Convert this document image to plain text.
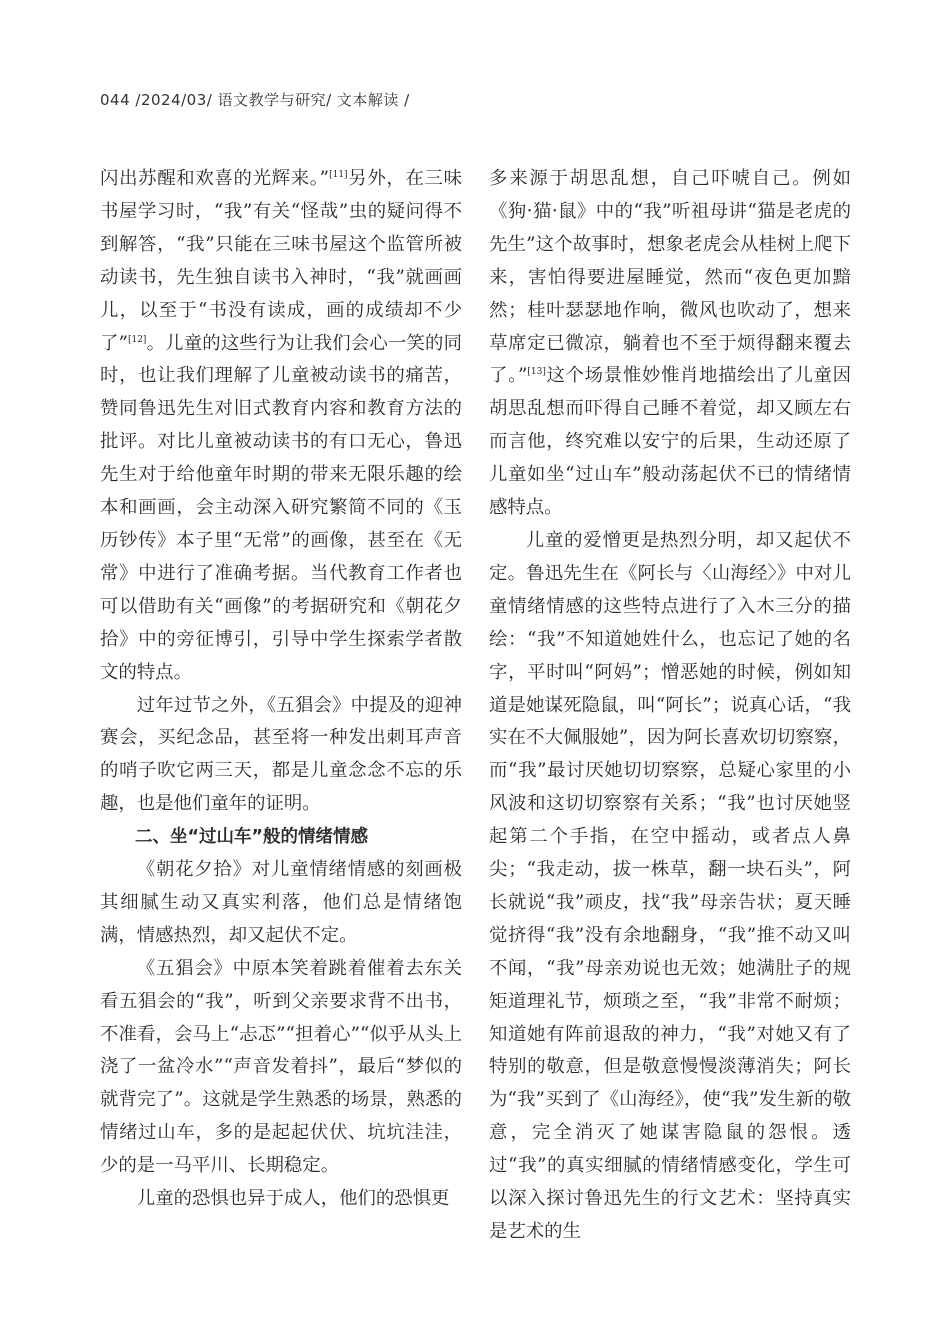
044 /2024/03/ 语文教学与研究/ 文本解读 /

闪出苏醒和欢喜的光辉来。”[11]另外，在三味书屋学习时，“我”有关“怪哉”虫的疑问得不到解答，“我”只能在三味书屋这个监管所被动读书，先生独自读书入神时，“我”就画画儿，以至于“书没有读成，画的成绩却不少了”[12]。儿童的这些行为让我们会心一笑的同时，也让我们理解了儿童被动读书的痛苦，赞同鲁迅先生对旧式教育内容和教育方法的批评。对比儿童被动读书的有口无心，鲁迅先生对于给他童年时期的带来无限乐趣的绘本和画画，会主动深入研究繁简不同的《玉历钞传》本子里“无常”的画像，甚至在《无常》中进行了准确考据。当代教育工作者也可以借助有关“画像”的考据研究和《朝花夕拾》中的旁征博引，引导中学生探索学者散文的特点。

过年过节之外，《五猖会》中提及的迎神赛会，买纪念品，甚至将一种发出刺耳声音的哨子吹它两三天，都是儿童念念不忘的乐趣，也是他们童年的证明。

二、坐“过山车”般的情绪情感

《朝花夕拾》对儿童情绪情感的刻画极其细腻生动又真实利落，他们总是情绪饱满，情感热烈，却又起伏不定。

《五猖会》中原本笑着跳着催着去东关看五猖会的“我”，听到父亲要求背不出书，不准看，会马上“忐忑”“担着心”“似乎从头上浇了一盆冷水”“声音发着抖”，最后“梦似的就背完了”。这就是学生熟悉的场景，熟悉的情绪过山车，多的是起起伏伏、坑坑洼洼，少的是一马平川、长期稳定。

儿童的恐惧也异于成人，他们的恐惧更

多来源于胡思乱想，自己吓唬自己。例如《狗·猫·鼠》中的“我”听祖母讲“猫是老虎的先生”这个故事时，想象老虎会从桂树上爬下来，害怕得要进屋睡觉，然而“夜色更加黯然；桂叶瑟瑟地作响，微风也吹动了，想来草席定已微凉，躺着也不至于烦得翻来覆去了。”[13]这个场景惟妙惟肖地描绘出了儿童因胡思乱想而吓得自己睡不着觉，却又顾左右而言他，终究难以安宁的后果，生动还原了儿童如坐“过山车”般动荡起伏不已的情绪情感特点。

儿童的爱憎更是热烈分明，却又起伏不定。鲁迅先生在《阿长与〈山海经〉》中对儿童情绪情感的这些特点进行了入木三分的描绘：“我”不知道她姓什么，也忘记了她的名字，平时叫“阿妈”；憎恶她的时候，例如知道是她谋死隐鼠，叫“阿长”；说真心话，“我实在不大佩服她”，因为阿长喜欢切切察察，而“我”最讨厌她切切察察，总疑心家里的小风波和这切切察察有关系；“我”也讨厌她竖起第二个手指，在空中摇动，或者点人鼻尖；“我走动，拔一株草，翻一块石头”，阿长就说“我”顽皮，找“我”母亲告状；夏天睡觉挤得“我”没有余地翻身，“我”推不动又叫不闻，“我”母亲劝说也无效；她满肚子的规矩道理礼节，烦琐之至，“我”非常不耐烦；知道她有阵前退敌的神力，“我”对她又有了特别的敬意，但是敬意慢慢淡薄消失；阿长为“我”买到了《山海经》，使“我”发生新的敬意，完全消灭了她谋害隐鼠的怨恨。透过“我”的真实细腻的情绪情感变化，学生可以深入探讨鲁迅先生的行文艺术：坚持真实是艺术的生
